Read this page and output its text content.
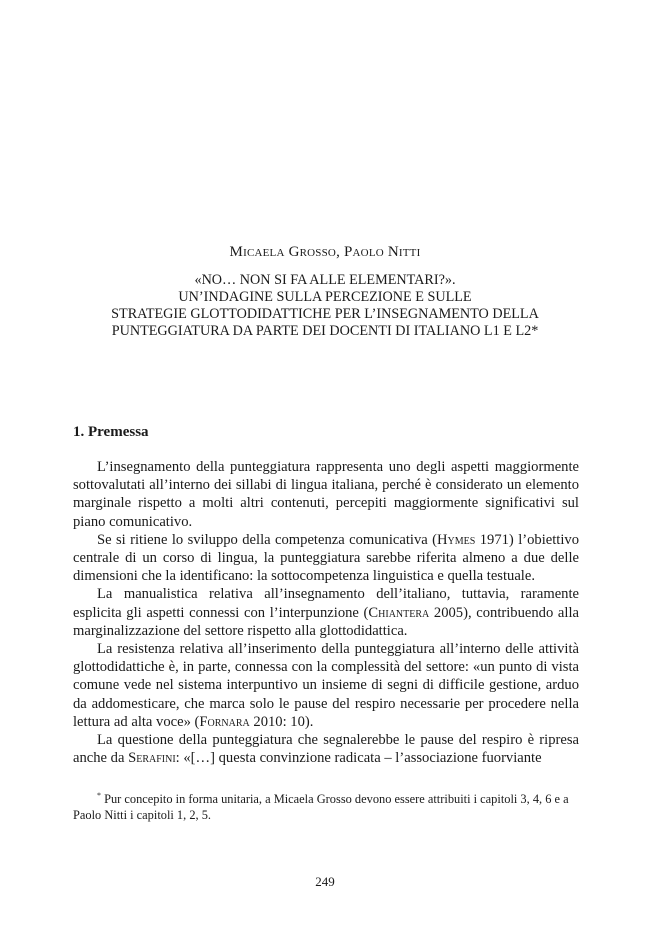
Micaela Grosso, Paolo Nitti
«NO… NON SI FA ALLE ELEMENTARI?».
UN’INDAGINE SULLA PERCEZIONE E SULLE
STRATEGIE GLOTTODIDATTICHE PER L’INSEGNAMENTO DELLA
PUNTEGGIATURA DA PARTE DEI DOCENTI DI ITALIANO L1 E L2*
1. Premessa

L’insegnamento della punteggiatura rappresenta uno degli aspetti maggiormente sottovalutati all’interno dei sillabi di lingua italiana, perché è considerato un elemento marginale rispetto a molti altri contenuti, percepiti maggiormente significativi sul piano comunicativo.

Se si ritiene lo sviluppo della competenza comunicativa (Hymes 1971) l’obiettivo centrale di un corso di lingua, la punteggiatura sarebbe riferita almeno a due delle dimensioni che la identificano: la sottocompetenza linguistica e quella testuale.

La manualistica relativa all’insegnamento dell’italiano, tuttavia, raramente esplicita gli aspetti connessi con l’interpunzione (Chiantera 2005), contribuendo alla marginalizzazione del settore rispetto alla glottodidattica.

La resistenza relativa all’inserimento della punteggiatura all’interno delle attività glottodidattiche è, in parte, connessa con la complessità del settore: «un punto di vista comune vede nel sistema interpuntivo un insieme di segni di difficile gestione, arduo da addomesticare, che marca solo le pause del respiro necessarie per procedere nella lettura ad alta voce» (Fornara 2010: 10).

La questione della punteggiatura che segnalerebbe le pause del respiro è ripresa anche da Serafini: «[…] questa convinzione radicata – l’associazione fuorviante

* Pur concepito in forma unitaria, a Micaela Grosso devono essere attribuiti i capitoli 3, 4, 6 e a Paolo Nitti i capitoli 1, 2, 5.
249
